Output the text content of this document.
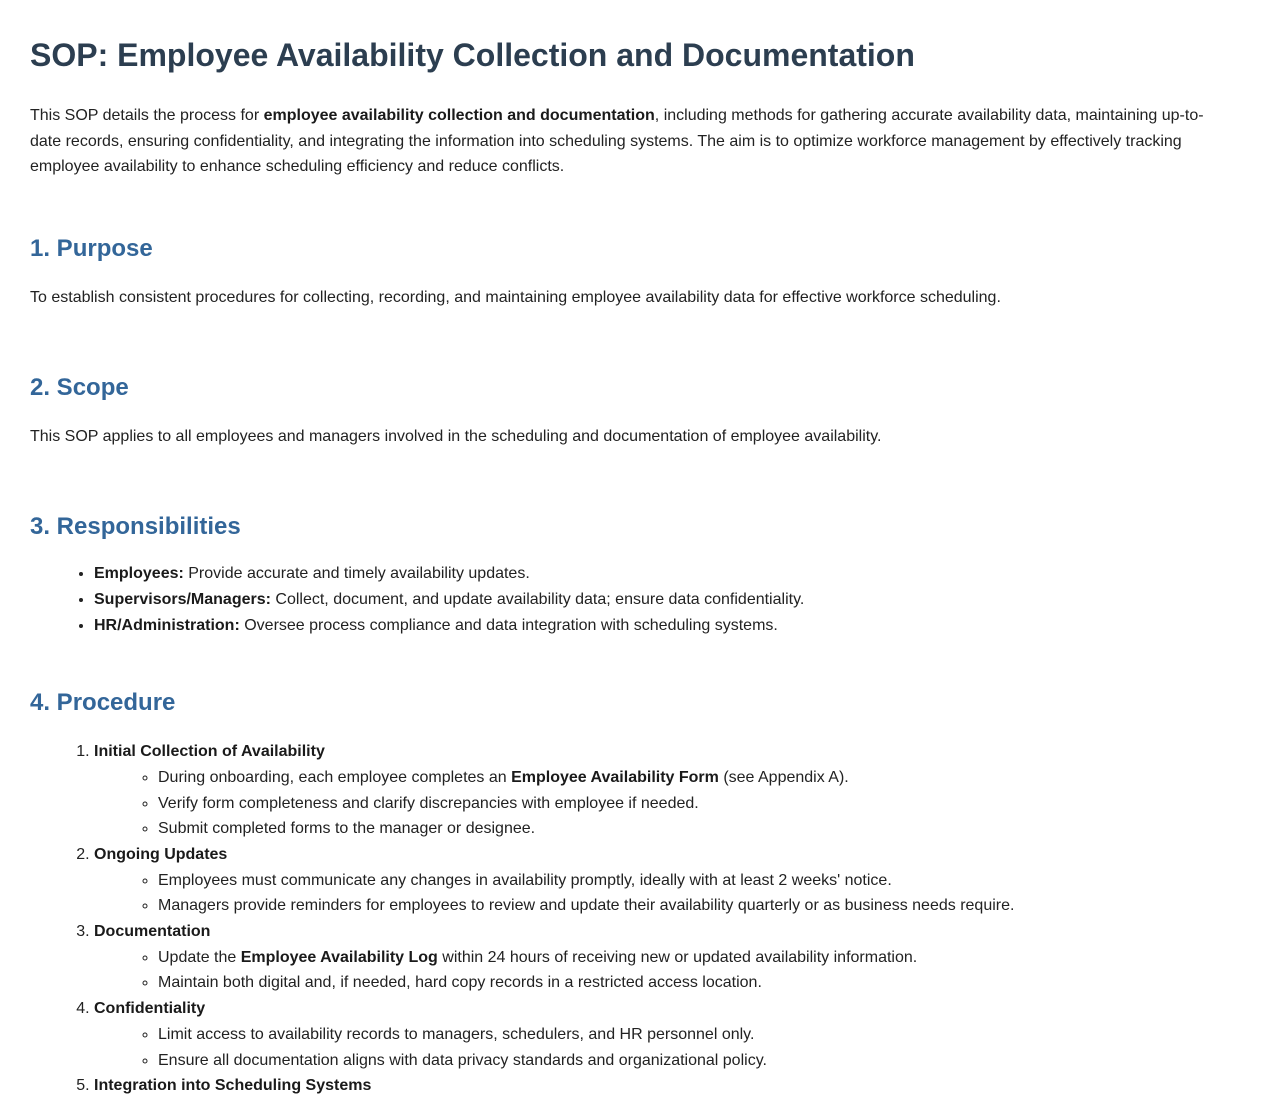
SOP: Employee Availability Collection and Documentation

This SOP details the process for employee availability collection and documentation, including methods for gathering accurate availability data, maintaining up-to-date records, ensuring confidentiality, and integrating the information into scheduling systems. The aim is to optimize workforce management by effectively tracking employee availability to enhance scheduling efficiency and reduce conflicts.

1. Purpose

To establish consistent procedures for collecting, recording, and maintaining employee availability data for effective workforce scheduling.

2. Scope

This SOP applies to all employees and managers involved in the scheduling and documentation of employee availability.

3. Responsibilities
• Employees: Provide accurate and timely availability updates.
• Supervisors/Managers: Collect, document, and update availability data; ensure data confidentiality.
• HR/Administration: Oversee process compliance and data integration with scheduling systems.
4. Procedure
1. Initial Collection of Availability
◦ During onboarding, each employee completes an Employee Availability Form (see Appendix A).
◦ Verify form completeness and clarify discrepancies with employee if needed.
◦ Submit completed forms to the manager or designee.
2. Ongoing Updates
◦ Employees must communicate any changes in availability promptly, ideally with at least 2 weeks' notice.
◦ Managers provide reminders for employees to review and update their availability quarterly or as business needs require.
3. Documentation
◦ Update the Employee Availability Log within 24 hours of receiving new or updated availability information.
◦ Maintain both digital and, if needed, hard copy records in a restricted access location.
4. Confidentiality
◦ Limit access to availability records to managers, schedulers, and HR personnel only.
◦ Ensure all documentation aligns with data privacy standards and organizational policy.
5. Integration into Scheduling Systems
